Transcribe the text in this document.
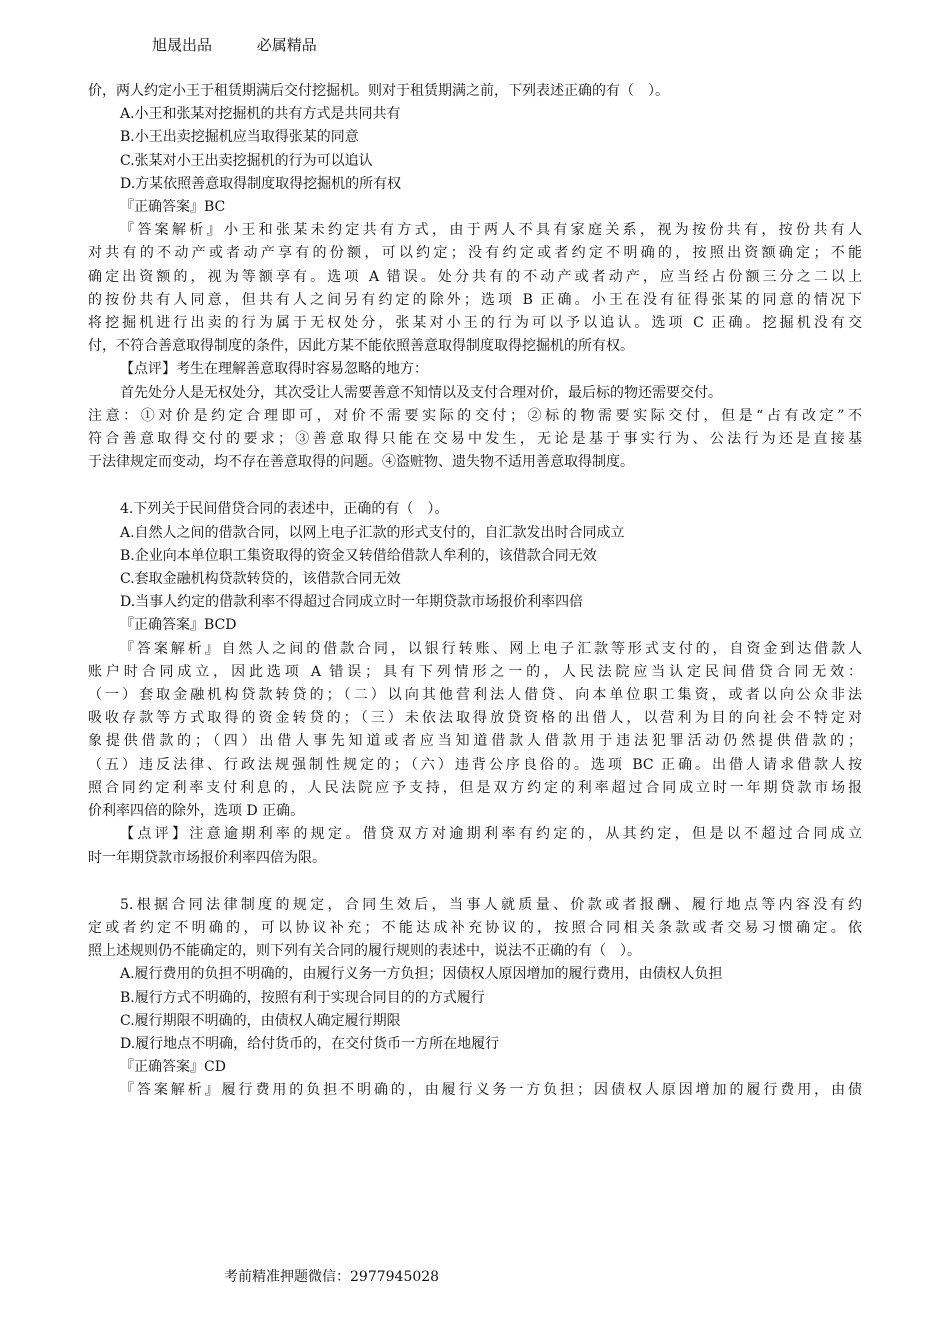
旭晟出品	必属精品
价，两人约定小王于租赁期满后交付挖掘机。则对于租赁期满之前，下列表述正确的有（　）。
A.小王和张某对挖掘机的共有方式是共同共有
B.小王出卖挖掘机应当取得张某的同意
C.张某对小王出卖挖掘机的行为可以追认
D.方某依照善意取得制度取得挖掘机的所有权
『正确答案』BC
『答案解析』小王和张某未约定共有方式，由于两人不具有家庭关系，视为按份共有，按份共有人
对共有的不动产或者动产享有的份额，可以约定；没有约定或者约定不明确的，按照出资额确定；不能
确定出资额的，视为等额享有。选项 A 错误。处分共有的不动产或者动产，应当经占份额三分之二以上
的按份共有人同意，但共有人之间另有约定的除外；选项 B 正确。小王在没有征得张某的同意的情况下
将挖掘机进行出卖的行为属于无权处分，张某对小王的行为可以予以追认。选项 C 正确。挖掘机没有交
付，不符合善意取得制度的条件，因此方某不能依照善意取得制度取得挖掘机的所有权。
【点评】考生在理解善意取得时容易忽略的地方：
首先处分人是无权处分，其次受让人需要善意不知情以及支付合理对价，最后标的物还需要交付。
注意：①对价是约定合理即可，对价不需要实际的交付；②标的物需要实际交付，但是“占有改定”不
符合善意取得交付的要求；③善意取得只能在交易中发生，无论是基于事实行为、公法行为还是直接基
于法律规定而变动，均不存在善意取得的问题。④盗赃物、遗失物不适用善意取得制度。
4.下列关于民间借贷合同的表述中，正确的有（　）。
A.自然人之间的借款合同，以网上电子汇款的形式支付的，自汇款发出时合同成立
B.企业向本单位职工集资取得的资金又转借给借款人牟利的，该借款合同无效
C.套取金融机构贷款转贷的，该借款合同无效
D.当事人约定的借款利率不得超过合同成立时一年期贷款市场报价利率四倍
『正确答案』BCD
『答案解析』自然人之间的借款合同，以银行转账、网上电子汇款等形式支付的，自资金到达借款人
账户时合同成立，因此选项 A 错误；具有下列情形之一的，人民法院应当认定民间借贷合同无效：
（一）套取金融机构贷款转贷的；（二）以向其他营利法人借贷、向本单位职工集资，或者以向公众非法
吸收存款等方式取得的资金转贷的；（三）未依法取得放贷资格的出借人，以营利为目的向社会不特定对
象提供借款的；（四）出借人事先知道或者应当知道借款人借款用于违法犯罪活动仍然提供借款的；
（五）违反法律、行政法规强制性规定的；（六）违背公序良俗的。选项 BC 正确。出借人请求借款人按
照合同约定利率支付利息的，人民法院应予支持，但是双方约定的利率超过合同成立时一年期贷款市场报
价利率四倍的除外，选项 D 正确。
【点评】注意逾期利率的规定。借贷双方对逾期利率有约定的，从其约定，但是以不超过合同成立
时一年期贷款市场报价利率四倍为限。
5.根据合同法律制度的规定，合同生效后，当事人就质量、价款或者报酬、履行地点等内容没有约
定或者约定不明确的，可以协议补充；不能达成补充协议的，按照合同相关条款或者交易习惯确定。依
照上述规则仍不能确定的，则下列有关合同的履行规则的表述中，说法不正确的有（　）。
A.履行费用的负担不明确的，由履行义务一方负担；因债权人原因增加的履行费用，由债权人负担
B.履行方式不明确的，按照有利于实现合同目的的方式履行
C.履行期限不明确的，由债权人确定履行期限
D.履行地点不明确，给付货币的，在交付货币一方所在地履行
『正确答案』CD
『答案解析』履行费用的负担不明确的，由履行义务一方负担；因债权人原因增加的履行费用，由债
考前精准押题微信：2977945028
